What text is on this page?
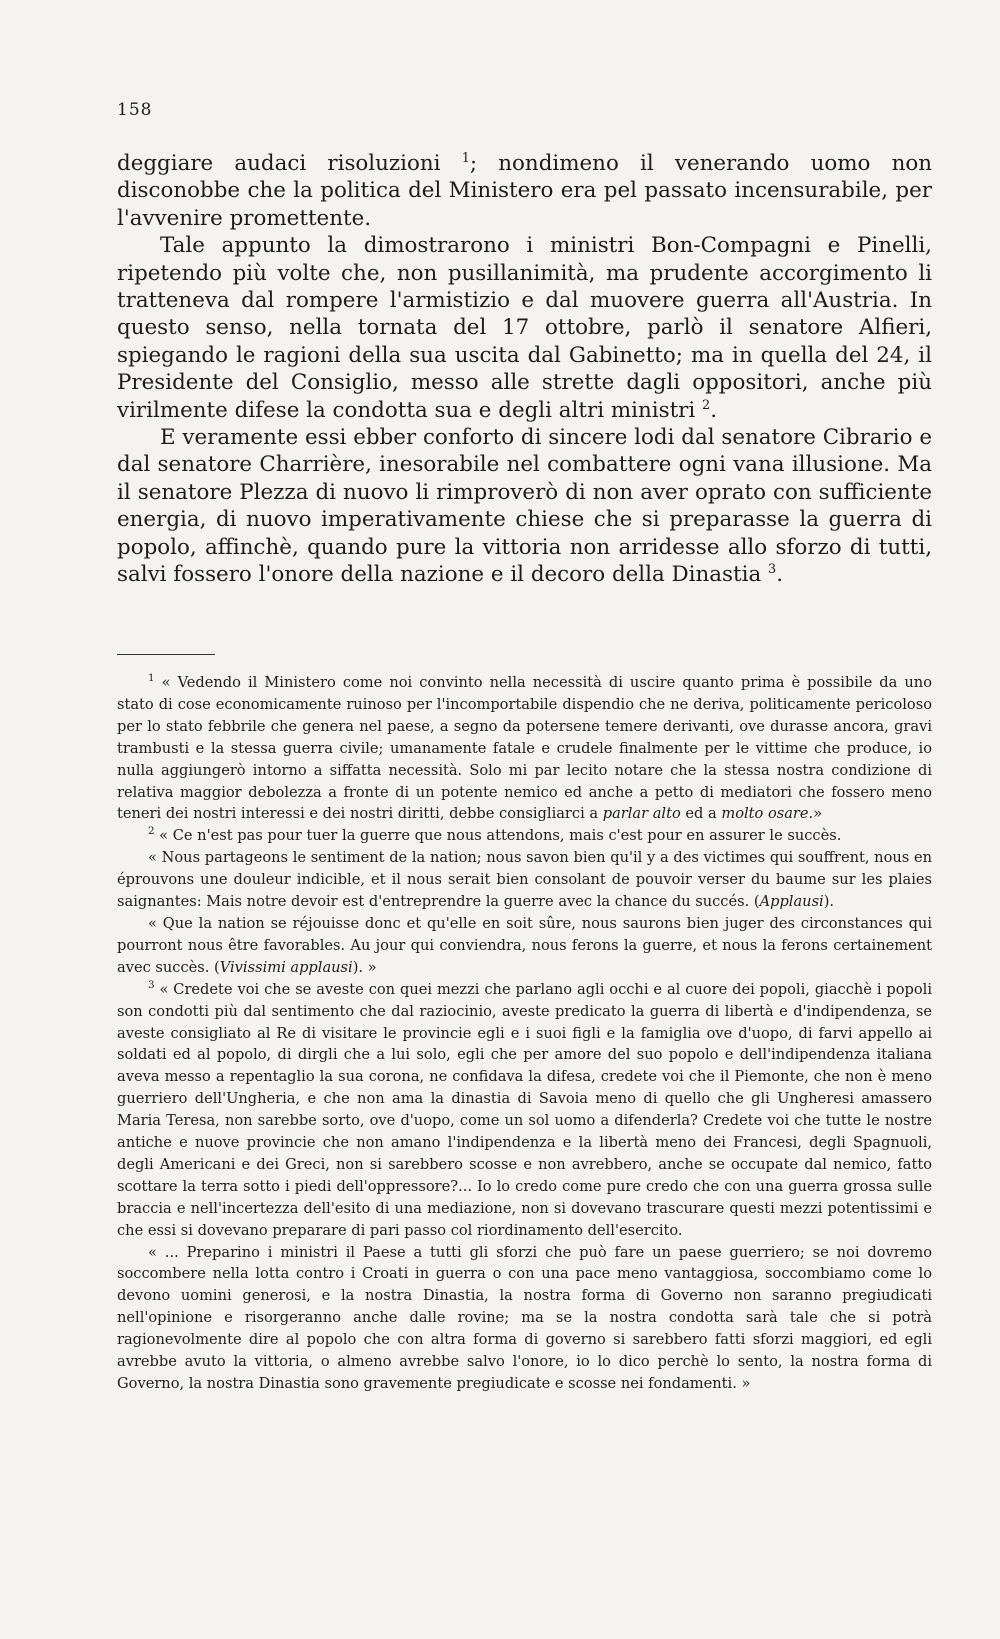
158

deggiare audaci risoluzioni $^1$; nondimeno il venerando uomo non disconobbe che la politica del Ministero era pel passato incensurabile, per l'avvenire promettente.

Tale appunto la dimostrarono i ministri Bon-Compagni e Pinelli, ripetendo più volte che, non pusillanimità, ma prudente accorgimento li tratteneva dal rompere l'armistizio e dal muovere guerra all'Austria. In questo senso, nella tornata del 17 ottobre, parlò il senatore Alfieri, spiegando le ragioni della sua uscita dal Gabinetto; ma in quella del 24, il Presidente del Consiglio, messo alle strette dagli oppositori, anche più virilmente difese la condotta sua e degli altri ministri $^2$.

E veramente essi ebber conforto di sincere lodi dal senatore Cibrario e dal senatore Charrière, inesorabile nel combattere ogni vana illusione. Ma il senatore Plezza di nuovo li rimproverò di non aver oprato con sufficiente energia, di nuovo imperativamente chiese che si preparasse la guerra di popolo, affinchè, quando pure la vittoria non arridesse allo sforzo di tutti, salvi fossero l'onore della nazione e il decoro della Dinastia $^3$.

$^1$ « Vedendo il Ministero come noi convinto nella necessità di uscire quanto prima è possibile da uno stato di cose economicamente ruinoso per l'incomportabile dispendio che ne deriva, politicamente pericoloso per lo stato febbrile che genera nel paese, a segno da potersene temere derivanti, ove durasse ancora, gravi trambusti e la stessa guerra civile; umanamente fatale e crudele finalmente per le vittime che produce, io nulla aggiungerò intorno a siffatta necessità. Solo mi par lecito notare che la stessa nostra condizione di relativa maggior debolezza a fronte di un potente nemico ed anche a petto di mediatori che fossero meno teneri dei nostri interessi e dei nostri diritti, debbe consigliarci a parlar alto ed a molto osare.»

$^2$ « Ce n'est pas pour tuer la guerre que nous attendons, mais c'est pour en assurer le succès.

« Nous partageons le sentiment de la nation; nous savon bien qu'il y a des victimes qui souffrent, nous en éprouvons une douleur indicible, et il nous serait bien consolant de pouvoir verser du baume sur les plaies saignantes: Mais notre devoir est d'entreprendre la guerre avec la chance du succés. (Applausi).

« Que la nation se réjouisse donc et qu'elle en soit sûre, nous saurons bien juger des circonstances qui pourront nous être favorables. Au jour qui conviendra, nous ferons la guerre, et nous la ferons certainement avec succès. (Vivissimi applausi). »

$^3$ « Credete voi che se aveste con quei mezzi che parlano agli occhi e al cuore dei popoli, giacchè i popoli son condotti più dal sentimento che dal raziocinio, aveste predicato la guerra di libertà e d'indipendenza, se aveste consigliato al Re di visitare le provincie egli e i suoi figli e la famiglia ove d'uopo, di farvi appello ai soldati ed al popolo, di dirgli che a lui solo, egli che per amore del suo popolo e dell'indipendenza italiana aveva messo a repentaglio la sua corona, ne confidava la difesa, credete voi che il Piemonte, che non è meno guerriero dell'Ungheria, e che non ama la dinastia di Savoia meno di quello che gli Ungheresi amassero Maria Teresa, non sarebbe sorto, ove d'uopo, come un sol uomo a difenderla? Credete voi che tutte le nostre antiche e nuove provincie che non amano l'indipendenza e la libertà meno dei Francesi, degli Spagnuoli, degli Americani e dei Greci, non si sarebbero scosse e non avrebbero, anche se occupate dal nemico, fatto scottare la terra sotto i piedi dell'oppressore?... Io lo credo come pure credo che con una guerra grossa sulle braccia e nell'incertezza dell'esito di una mediazione, non si dovevano trascurare questi mezzi potentissimi e che essi si dovevano preparare di pari passo col riordinamento dell'esercito.

« ... Preparino i ministri il Paese a tutti gli sforzi che può fare un paese guerriero; se noi dovremo soccombere nella lotta contro i Croati in guerra o con una pace meno vantaggiosa, soccombiamo come lo devono uomini generosi, e la nostra Dinastia, la nostra forma di Governo non saranno pregiudicati nell'opinione e risorgeranno anche dalle rovine; ma se la nostra condotta sarà tale che si potrà ragionevolmente dire al popolo che con altra forma di governo si sarebbero fatti sforzi maggiori, ed egli avrebbe avuto la vittoria, o almeno avrebbe salvo l'onore, io lo dico perchè lo sento, la nostra forma di Governo, la nostra Dinastia sono gravemente pregiudicate e scosse nei fondamenti. »
